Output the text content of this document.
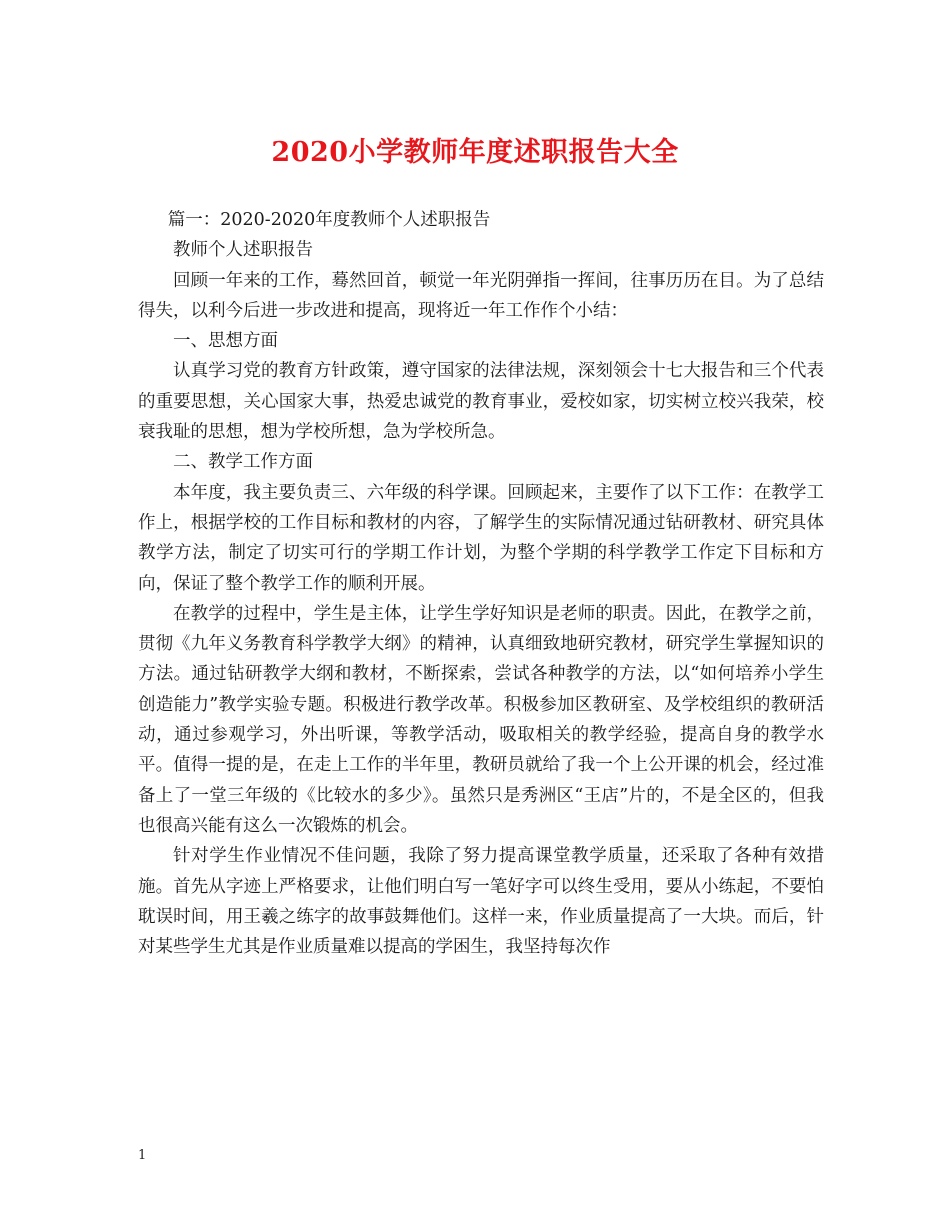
2020小学教师年度述职报告大全

篇一：2020-2020年度教师个人述职报告

教师个人述职报告

回顾一年来的工作，蓦然回首，顿觉一年光阴弹指一挥间，往事历历在目。为了总结得失，以利今后进一步改进和提高，现将近一年工作作个小结：

一、思想方面

认真学习党的教育方针政策，遵守国家的法律法规，深刻领会十七大报告和三个代表的重要思想，关心国家大事，热爱忠诚党的教育事业，爱校如家，切实树立校兴我荣，校衰我耻的思想，想为学校所想，急为学校所急。

二、教学工作方面

本年度，我主要负责三、六年级的科学课。回顾起来，主要作了以下工作：在教学工作上，根据学校的工作目标和教材的内容，了解学生的实际情况通过钻研教材、研究具体教学方法，制定了切实可行的学期工作计划，为整个学期的科学教学工作定下目标和方向，保证了整个教学工作的顺利开展。

在教学的过程中，学生是主体，让学生学好知识是老师的职责。因此，在教学之前，贯彻《九年义务教育科学教学大纲》的精神，认真细致地研究教材，研究学生掌握知识的方法。通过钻研教学大纲和教材，不断探索，尝试各种教学的方法，以“如何培养小学生创造能力”教学实验专题。积极进行教学改革。积极参加区教研室、及学校组织的教研活动，通过参观学习，外出听课，等教学活动，吸取相关的教学经验，提高自身的教学水平。值得一提的是，在走上工作的半年里，教研员就给了我一个上公开课的机会，经过准备上了一堂三年级的《比较水的多少》。虽然只是秀洲区“王店”片的，不是全区的，但我也很高兴能有这么一次锻炼的机会。

针对学生作业情况不佳问题，我除了努力提高课堂教学质量，还采取了各种有效措施。首先从字迹上严格要求，让他们明白写一笔好字可以终生受用，要从小练起，不要怕耽误时间，用王羲之练字的故事鼓舞他们。这样一来，作业质量提高了一大块。而后，针对某些学生尤其是作业质量难以提高的学困生，我坚持每次作

1
